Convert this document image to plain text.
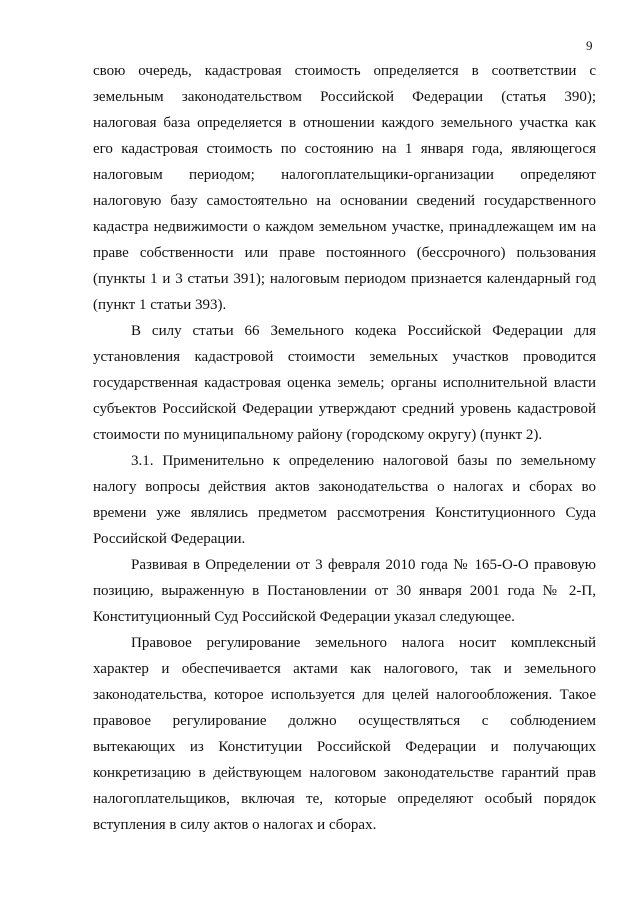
9
свою очередь, кадастровая стоимость определяется в соответствии с
земельным законодательством Российской Федерации (статья 390);
налоговая база определяется в отношении каждого земельного участка как
его кадастровая стоимость по состоянию на 1 января года, являющегося
налоговым периодом; налогоплательщики-организации определяют
налоговую базу самостоятельно на основании сведений государственного
кадастра недвижимости о каждом земельном участке, принадлежащем им на
праве собственности или праве постоянного (бессрочного) пользования
(пункты 1 и 3 статьи 391); налоговым периодом признается календарный год
(пункт 1 статьи 393).
В силу статьи 66 Земельного кодека Российской Федерации для
установления кадастровой стоимости земельных участков проводится
государственная кадастровая оценка земель; органы исполнительной власти
субъектов Российской Федерации утверждают средний уровень кадастровой
стоимости по муниципальному району (городскому округу) (пункт 2).
3.1. Применительно к определению налоговой базы по земельному
налогу вопросы действия актов законодательства о налогах и сборах во
времени уже являлись предметом рассмотрения Конституционного Суда
Российской Федерации.
Развивая в Определении от 3 февраля 2010 года № 165-О-О правовую
позицию, выраженную в Постановлении от 30 января 2001 года № 2-П,
Конституционный Суд Российской Федерации указал следующее.
Правовое регулирование земельного налога носит комплексный
характер и обеспечивается актами как налогового, так и земельного
законодательства, которое используется для целей налогообложения. Такое
правовое регулирование должно осуществляться с соблюдением
вытекающих из Конституции Российской Федерации и получающих
конкретизацию в действующем налоговом законодательстве гарантий прав
налогоплательщиков, включая те, которые определяют особый порядок
вступления в силу актов о налогах и сборах.
